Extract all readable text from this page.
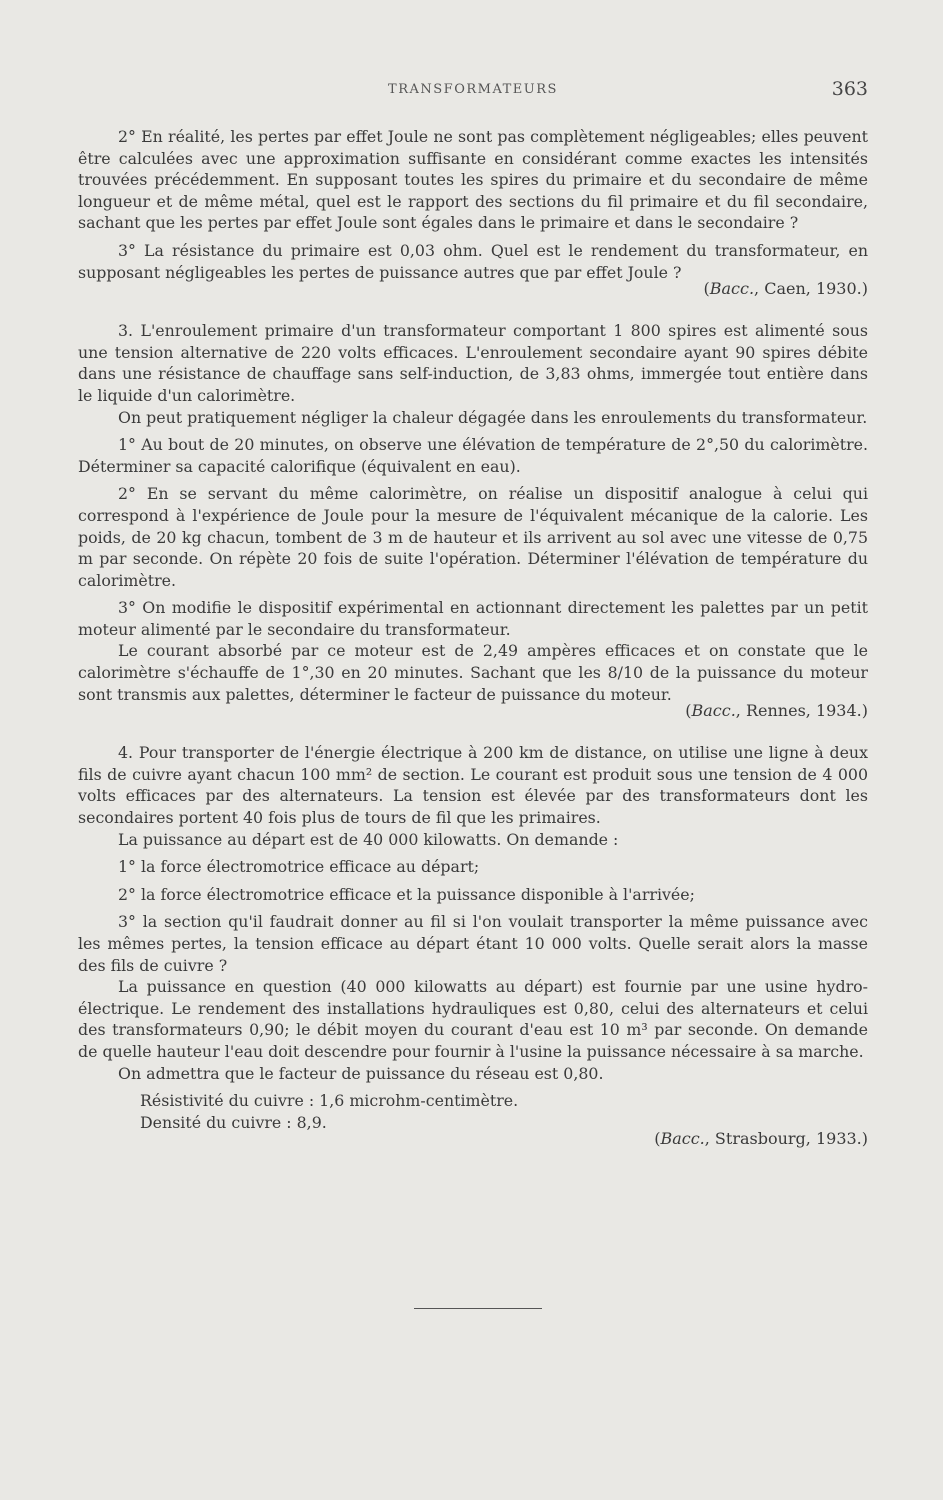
TRANSFORMATEURS	363

2° En réalité, les pertes par effet Joule ne sont pas complètement négligeables; elles peuvent être calculées avec une approximation suffisante en considérant comme exactes les intensités trouvées précédemment. En supposant toutes les spires du primaire et du secondaire de même longueur et de même métal, quel est le rapport des sections du fil primaire et du fil secondaire, sachant que les pertes par effet Joule sont égales dans le primaire et dans le secondaire ?

3° La résistance du primaire est 0,03 ohm. Quel est le rendement du transformateur, en supposant négligeables les pertes de puissance autres que par effet Joule ?

(Bacc., Caen, 1930.)

3. L'enroulement primaire d'un transformateur comportant 1 800 spires est alimenté sous une tension alternative de 220 volts efficaces. L'enroulement secondaire ayant 90 spires débite dans une résistance de chauffage sans self-induction, de 3,83 ohms, immergée tout entière dans le liquide d'un calorimètre.

On peut pratiquement négliger la chaleur dégagée dans les enroulements du transformateur.

1° Au bout de 20 minutes, on observe une élévation de température de 2°,50 du calorimètre. Déterminer sa capacité calorifique (équivalent en eau).

2° En se servant du même calorimètre, on réalise un dispositif analogue à celui qui correspond à l'expérience de Joule pour la mesure de l'équivalent mécanique de la calorie. Les poids, de 20 kg chacun, tombent de 3 m de hauteur et ils arrivent au sol avec une vitesse de 0,75 m par seconde. On répète 20 fois de suite l'opération. Déterminer l'élévation de température du calorimètre.

3° On modifie le dispositif expérimental en actionnant directement les palettes par un petit moteur alimenté par le secondaire du transformateur.

Le courant absorbé par ce moteur est de 2,49 ampères efficaces et on constate que le calorimètre s'échauffe de 1°,30 en 20 minutes. Sachant que les 8/10 de la puissance du moteur sont transmis aux palettes, déterminer le facteur de puissance du moteur.

(Bacc., Rennes, 1934.)

4. Pour transporter de l'énergie électrique à 200 km de distance, on utilise une ligne à deux fils de cuivre ayant chacun 100 mm² de section. Le courant est produit sous une tension de 4 000 volts efficaces par des alternateurs. La tension est élevée par des transformateurs dont les secondaires portent 40 fois plus de tours de fil que les primaires.

La puissance au départ est de 40 000 kilowatts. On demande :

1° la force électromotrice efficace au départ;

2° la force électromotrice efficace et la puissance disponible à l'arrivée;

3° la section qu'il faudrait donner au fil si l'on voulait transporter la même puissance avec les mêmes pertes, la tension efficace au départ étant 10 000 volts. Quelle serait alors la masse des fils de cuivre ?

La puissance en question (40 000 kilowatts au départ) est fournie par une usine hydro-électrique. Le rendement des installations hydrauliques est 0,80, celui des alternateurs et celui des transformateurs 0,90; le débit moyen du courant d'eau est 10 m³ par seconde. On demande de quelle hauteur l'eau doit descendre pour fournir à l'usine la puissance nécessaire à sa marche.

On admettra que le facteur de puissance du réseau est 0,80.

Résistivité du cuivre : 1,6 microhm-centimètre.

Densité du cuivre : 8,9.

(Bacc., Strasbourg, 1933.)
